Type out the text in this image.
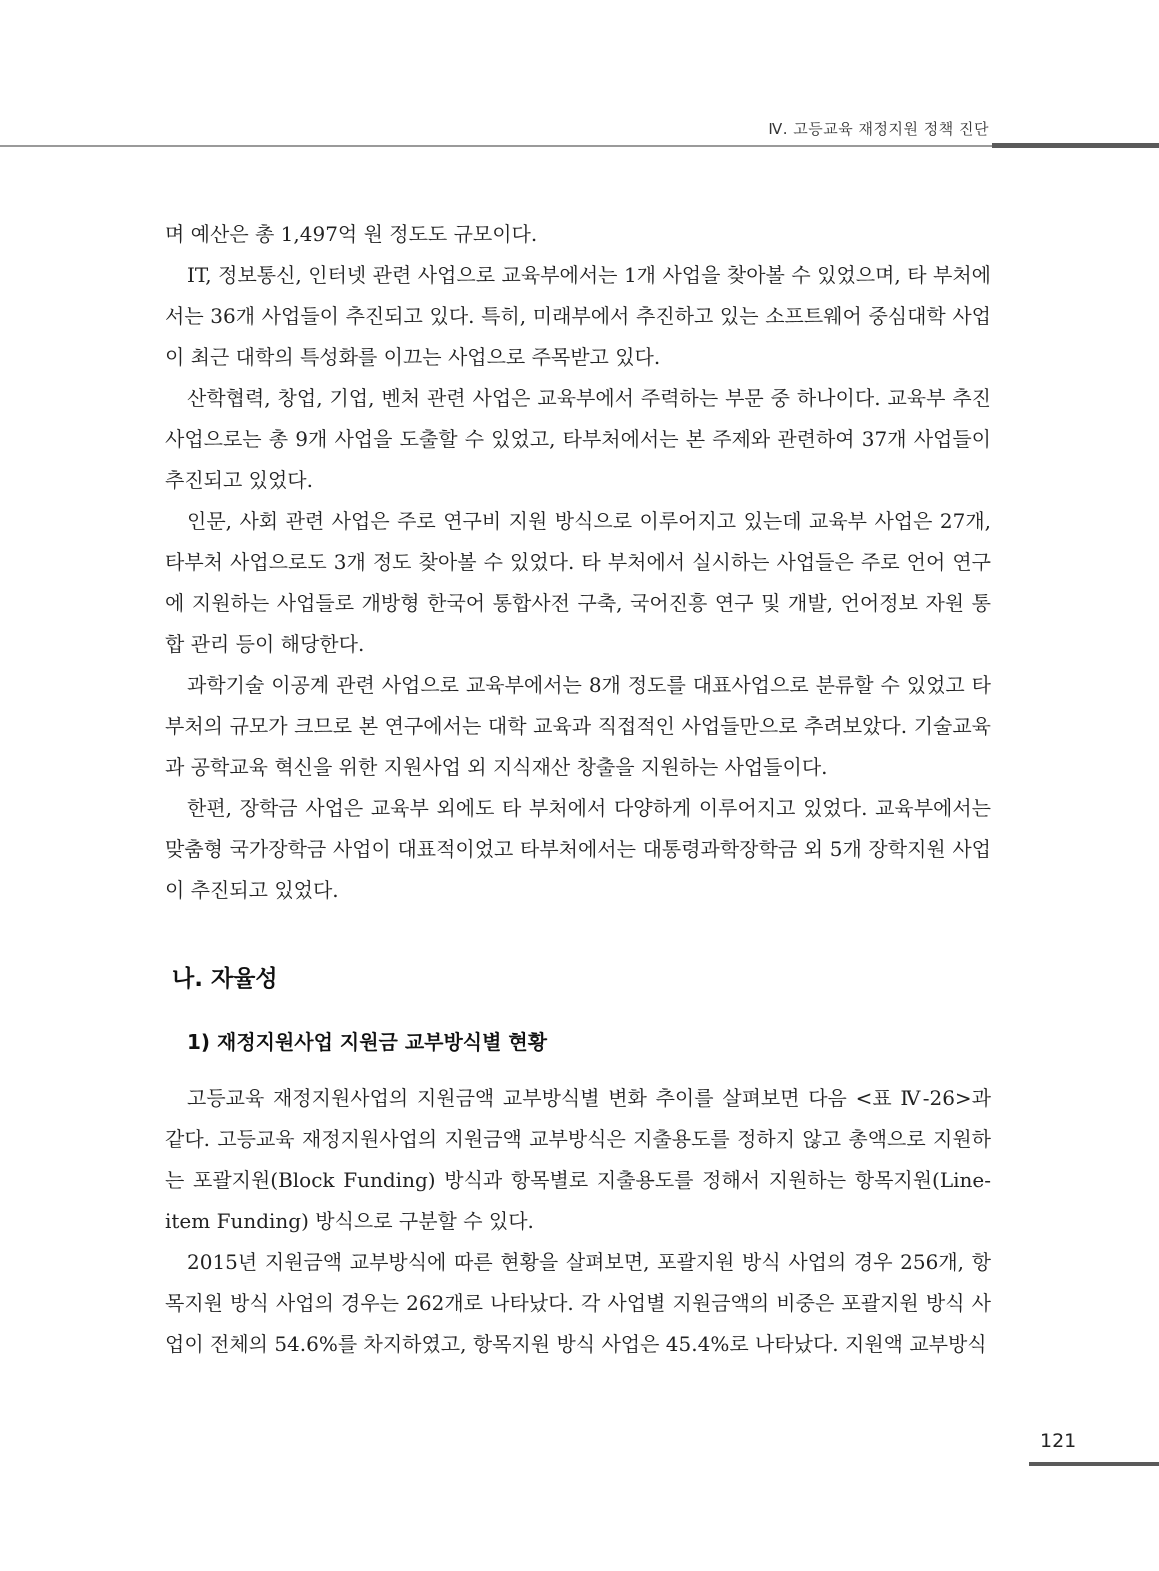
Ⅳ. 고등교육 재정지원 정책 진단

며 예산은 총 1,497억 원 정도도 규모이다.

IT, 정보통신, 인터넷 관련 사업으로 교육부에서는 1개 사업을 찾아볼 수 있었으며, 타 부처에서는 36개 사업들이 추진되고 있다. 특히, 미래부에서 추진하고 있는 소프트웨어 중심대학 사업이 최근 대학의 특성화를 이끄는 사업으로 주목받고 있다.

산학협력, 창업, 기업, 벤처 관련 사업은 교육부에서 주력하는 부문 중 하나이다. 교육부 추진 사업으로는 총 9개 사업을 도출할 수 있었고, 타부처에서는 본 주제와 관련하여 37개 사업들이 추진되고 있었다.

인문, 사회 관련 사업은 주로 연구비 지원 방식으로 이루어지고 있는데 교육부 사업은 27개, 타부처 사업으로도 3개 정도 찾아볼 수 있었다. 타 부처에서 실시하는 사업들은 주로 언어 연구에 지원하는 사업들로 개방형 한국어 통합사전 구축, 국어진흥 연구 및 개발, 언어정보 자원 통합 관리 등이 해당한다.

과학기술 이공계 관련 사업으로 교육부에서는 8개 정도를 대표사업으로 분류할 수 있었고 타 부처의 규모가 크므로 본 연구에서는 대학 교육과 직접적인 사업들만으로 추려보았다. 기술교육과 공학교육 혁신을 위한 지원사업 외 지식재산 창출을 지원하는 사업들이다.

한편, 장학금 사업은 교육부 외에도 타 부처에서 다양하게 이루어지고 있었다. 교육부에서는 맞춤형 국가장학금 사업이 대표적이었고 타부처에서는 대통령과학장학금 외 5개 장학지원 사업이 추진되고 있었다.

나. 자율성
1) 재정지원사업 지원금 교부방식별 현황

고등교육 재정지원사업의 지원금액 교부방식별 변화 추이를 살펴보면 다음 <표 Ⅳ-26>과 같다. 고등교육 재정지원사업의 지원금액 교부방식은 지출용도를 정하지 않고 총액으로 지원하는 포괄지원(Block Funding) 방식과 항목별로 지출용도를 정해서 지원하는 항목지원(Line-item Funding) 방식으로 구분할 수 있다.

2015년 지원금액 교부방식에 따른 현황을 살펴보면, 포괄지원 방식 사업의 경우 256개, 항목지원 방식 사업의 경우는 262개로 나타났다. 각 사업별 지원금액의 비중은 포괄지원 방식 사업이 전체의 54.6%를 차지하였고, 항목지원 방식 사업은 45.4%로 나타났다. 지원액 교부방식

121
